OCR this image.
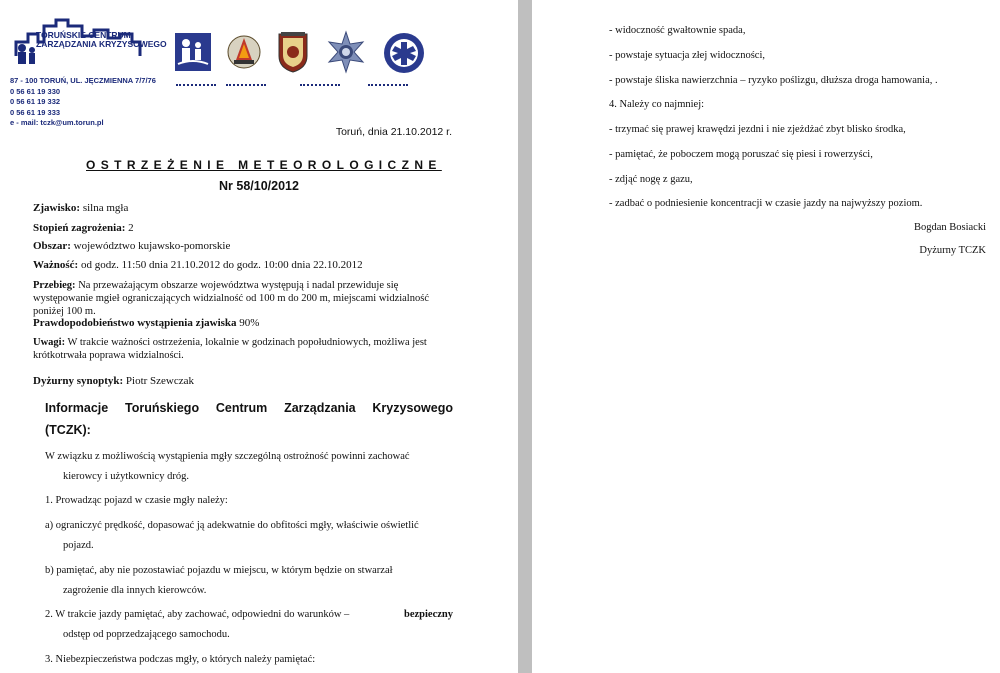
TORUŃSKIE CENTRUM
ZARZĄDZANIA KRYZYSOWEGO
87 - 100 TORUŃ, UL. JĘCZMIENNA 7/7/76
0 56 61 19 330
0 56 61 19 332
0 56 61 19 333
e - mail: tczk@um.torun.pl
Toruń, dnia 21.10.2012 r.
OSTRZEŻENIE METEOROLOGICZNE
Nr 58/10/2012
Zjawisko: silna mgła
Stopień zagrożenia: 2
Obszar: województwo kujawsko-pomorskie
Ważność: od godz. 11:50 dnia 21.10.2012 do godz. 10:00 dnia 22.10.2012
Przebieg: Na przeważającym obszarze województwa występują i nadal przewiduje się
występowanie mgieł ograniczających widzialność od 100 m do 200 m, miejscami widzialność
poniżej 100 m.
Prawdopodobieństwo wystąpienia zjawiska 90%
Uwagi: W trakcie ważności ostrzeżenia, lokalnie w godzinach popołudniowych, możliwa jest
krótkotrwała poprawa widzialności.
Dyżurny synoptyk: Piotr Szewczak
Informacje Toruńskiego Centrum Zarządzania Kryzysowego
(TCZK):
W związku z możliwością wystąpienia mgły szczególną ostrożność powinni zachować
kierowcy i użytkownicy dróg.
1. Prowadząc pojazd w czasie mgły należy:
a) ograniczyć prędkość, dopasować ją adekwatnie do obfitości mgły, właściwie oświetlić
pojazd.
b) pamiętać, aby nie pozostawiać pojazdu w miejscu, w którym będzie on stwarzał
zagrożenie dla innych kierowców.
2. W trakcie jazdy pamiętać, aby zachować, odpowiedni do warunków –	bezpieczny
odstęp od poprzedzającego samochodu.
3. Niebezpieczeństwa podczas mgły, o których należy pamiętać:
- widoczność gwałtownie spada,
- powstaje sytuacja złej widoczności,
- powstaje śliska nawierzchnia – ryzyko poślizgu, dłuższa droga hamowania, .
4. Należy co najmniej:
- trzymać się prawej krawędzi jezdni i nie zjeżdżać zbyt blisko środka,
- pamiętać, że poboczem mogą poruszać się piesi i rowerzyści,
- zdjąć nogę z gazu,
- zadbać o podniesienie koncentracji w czasie jazdy na najwyższy poziom.
Bogdan Bosiacki
Dyżurny TCZK
